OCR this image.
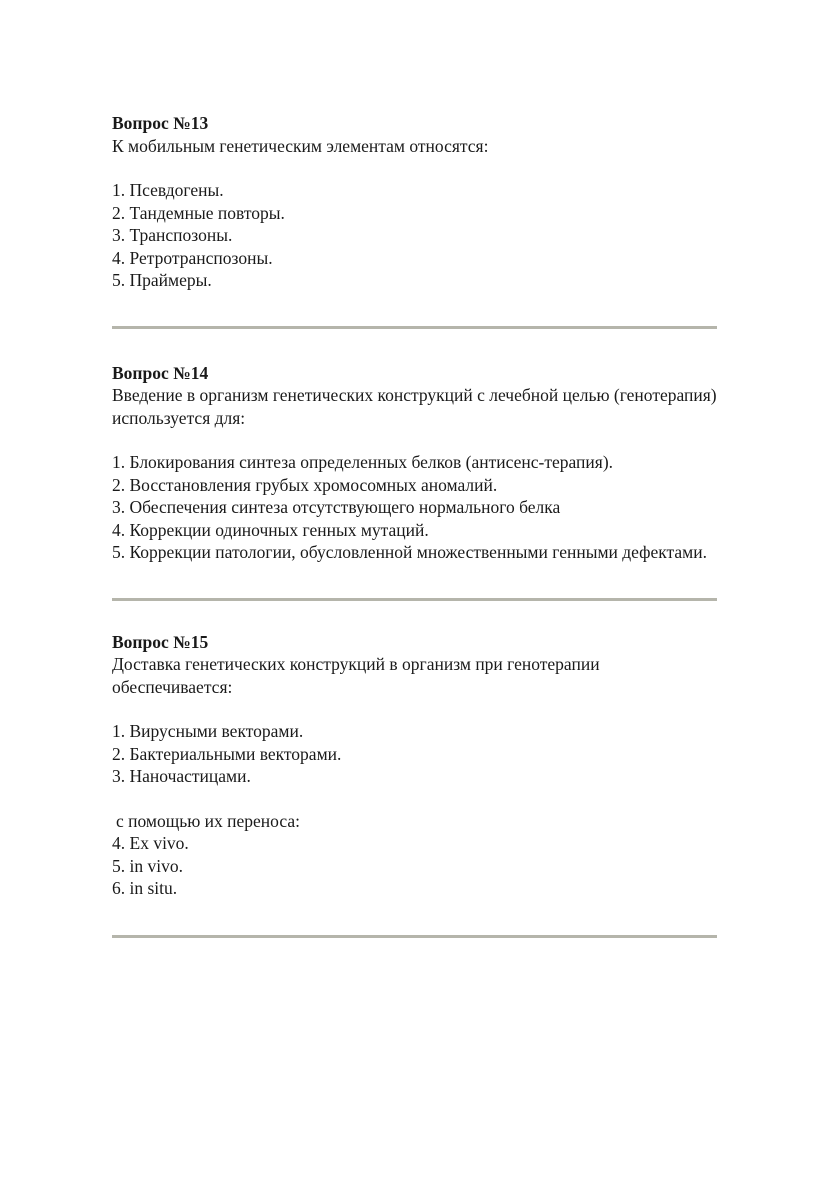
Вопрос №13

К мобильным генетическим элементам относятся:

1. Псевдогены.
2. Тандемные повторы.
3. Транспозоны.
4. Ретротранспозоны.
5. Праймеры.

Вопрос №14

Введение в организм генетических конструкций с лечебной целью (генотерапия) используется для:

1. Блокирования синтеза определенных белков (антисенс-терапия).
2. Восстановления грубых хромосомных аномалий.
3. Обеспечения синтеза отсутствующего нормального белка
4. Коррекции одиночных генных мутаций.
5. Коррекции патологии, обусловленной множественными генными дефектами.

Вопрос №15

Доставка генетических конструкций в организм при генотерапии обеспечивается:

1. Вирусными векторами.
2. Бактериальными векторами.
3. Наночастицами.

с помощью их переноса:

4. Ex vivo.
5. in vivo.
6. in situ.
